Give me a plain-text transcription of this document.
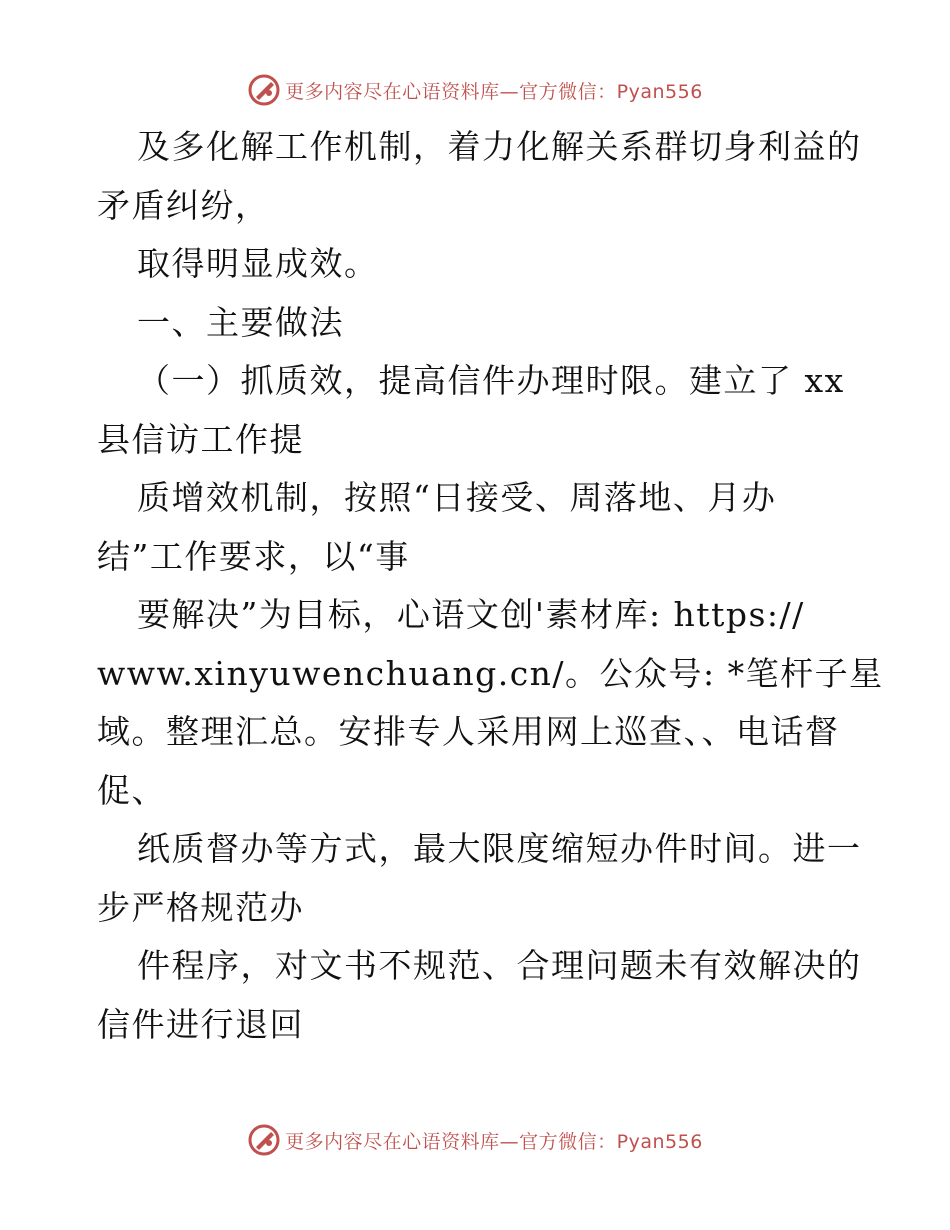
更多内容尽在心语资料库—官方微信：Pyan556
及多化解工作机制，着力化解关系群切身利益的
矛盾纠纷，
取得明显成效。
一、主要做法
（一）抓质效，提高信件办理时限。建立了 xx
县信访工作提
质增效机制，按照“日接受、周落地、月办
结”工作要求，以“事
要解决”为目标，心语文创'素材库: https://
www.xinyuwenchuang.cn/。公众号: *笔杆子星
域。整理汇总。安排专人采用网上巡查、、电话督
促、
纸质督办等方式，最大限度缩短办件时间。进一
步严格规范办
件程序，对文书不规范、合理问题未有效解决的
信件进行退回
更多内容尽在心语资料库—官方微信：Pyan556
